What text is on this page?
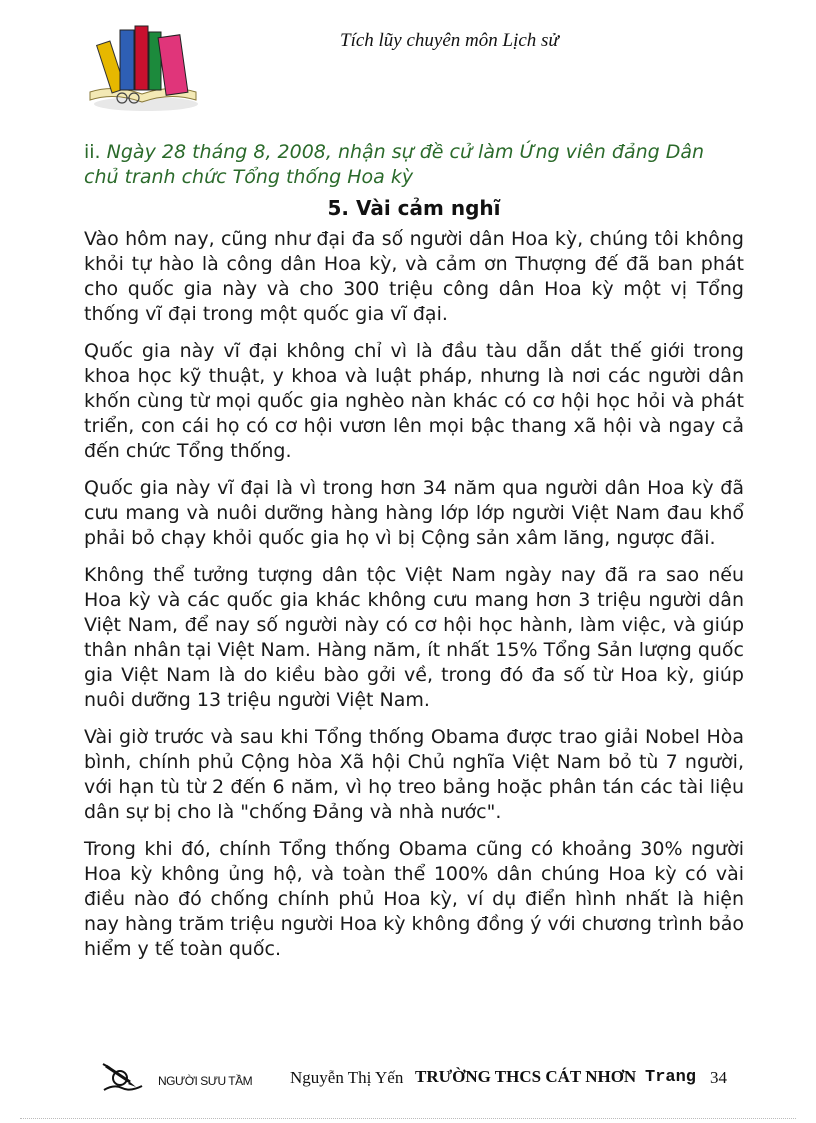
Tích lũy chuyên môn Lịch sử

ii. Ngày 28 tháng 8, 2008, nhận sự đề cử làm Ứng viên đảng Dân chủ tranh chức Tổng thống Hoa kỳ

5. Vài cảm nghĩ

Vào hôm nay, cũng như đại đa số người dân Hoa kỳ, chúng tôi không khỏi tự hào là công dân Hoa kỳ, và cảm ơn Thượng đế đã ban phát cho quốc gia này và cho 300 triệu công dân Hoa kỳ một vị Tổng thống vĩ đại trong một quốc gia vĩ đại.

Quốc gia này vĩ đại không chỉ vì là đầu tàu dẫn dắt thế giới trong khoa học kỹ thuật, y khoa và luật pháp, nhưng là nơi các người dân khốn cùng từ mọi quốc gia nghèo nàn khác có cơ hội học hỏi và phát triển, con cái họ có cơ hội vươn lên mọi bậc thang xã hội và ngay cả đến chức Tổng thống.

Quốc gia này vĩ đại là vì trong hơn 34 năm qua người dân Hoa kỳ đã cưu mang và nuôi dưỡng hàng hàng lớp lớp người Việt Nam đau khổ phải bỏ chạy khỏi quốc gia họ vì bị Cộng sản xâm lăng, ngược đãi.

Không thể tưởng tượng dân tộc Việt Nam ngày nay đã ra sao nếu Hoa kỳ và các quốc gia khác không cưu mang hơn 3 triệu người dân Việt Nam, để nay số người này có cơ hội học hành, làm việc, và giúp thân nhân tại Việt Nam. Hàng năm, ít nhất 15% Tổng Sản lượng quốc gia Việt Nam là do kiều bào gởi về, trong đó đa số từ Hoa kỳ, giúp nuôi dưỡng 13 triệu người Việt Nam.

Vài giờ trước và sau khi Tổng thống Obama được trao giải Nobel Hòa bình, chính phủ Cộng hòa Xã hội Chủ nghĩa Việt Nam bỏ tù 7 người, với hạn tù từ 2 đến 6 năm, vì họ treo bảng hoặc phân tán các tài liệu dân sự bị cho là "chống Đảng và nhà nước".

Trong khi đó, chính Tổng thống Obama cũng có khoảng 30% người Hoa kỳ không ủng hộ, và toàn thể 100% dân chúng Hoa kỳ có vài điều nào đó chống chính phủ Hoa kỳ, ví dụ điển hình nhất là hiện nay hàng trăm triệu người Hoa kỳ không đồng ý với chương trình bảo hiểm y tế toàn quốc.

NGƯỜI SƯU TẦM Nguyễn Thị Yến TRƯỜNG THCS CÁT NHƠN Trang 34
